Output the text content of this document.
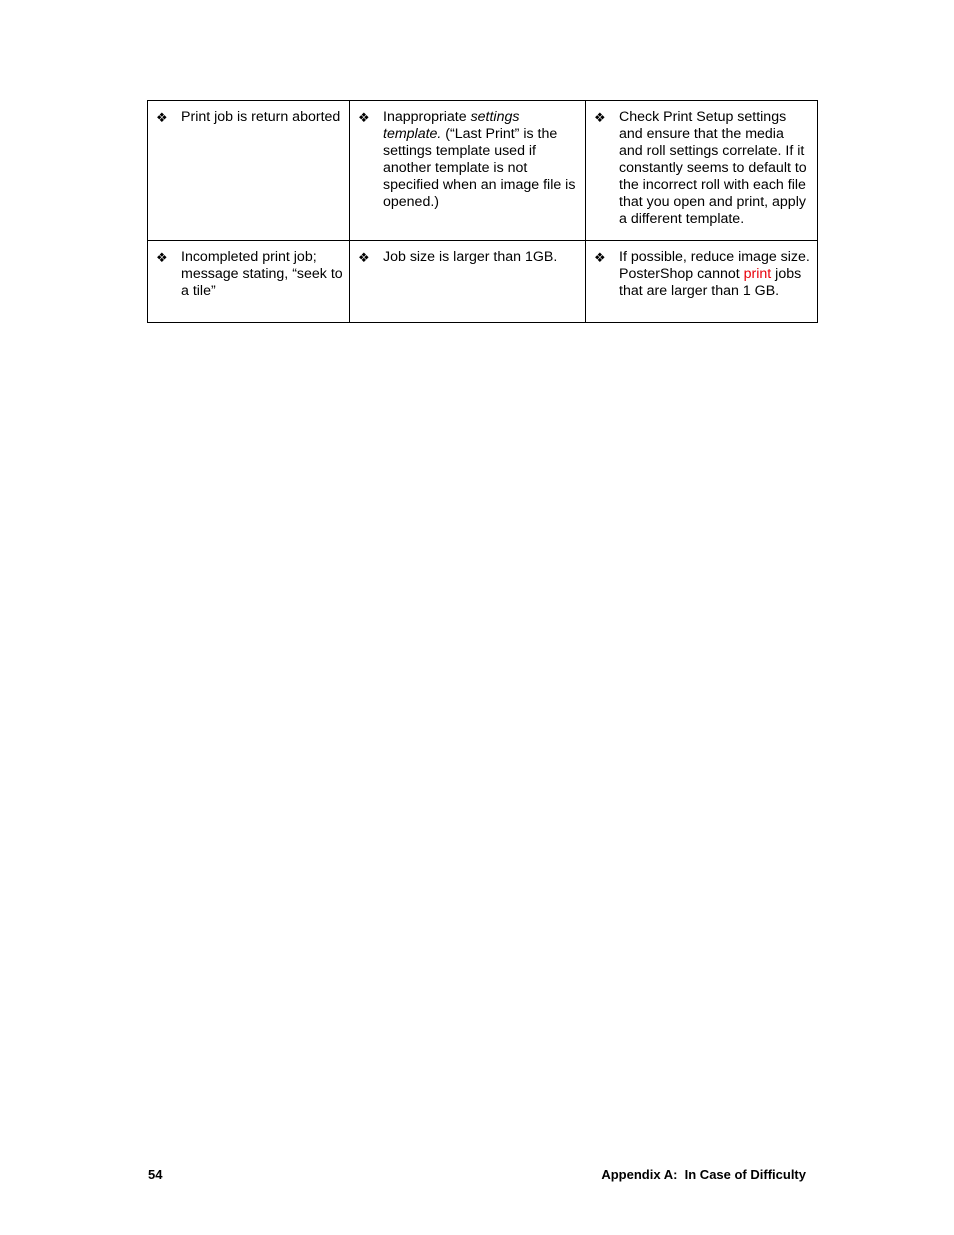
❖ Print job is return aborted	❖ Inappropriate settings template. (“Last Print” is the settings template used if another template is not specified when an image file is opened.)	❖ Check Print Setup settings and ensure that the media and roll settings correlate. If it constantly seems to default to the incorrect roll with each file that you open and print, apply a different template.

❖ Incompleted print job; message stating, “seek to a tile”	❖ Job size is larger than 1GB.	❖ If possible, reduce image size. PosterShop cannot print jobs that are larger than 1 GB.
54	Appendix A:  In Case of Difficulty
